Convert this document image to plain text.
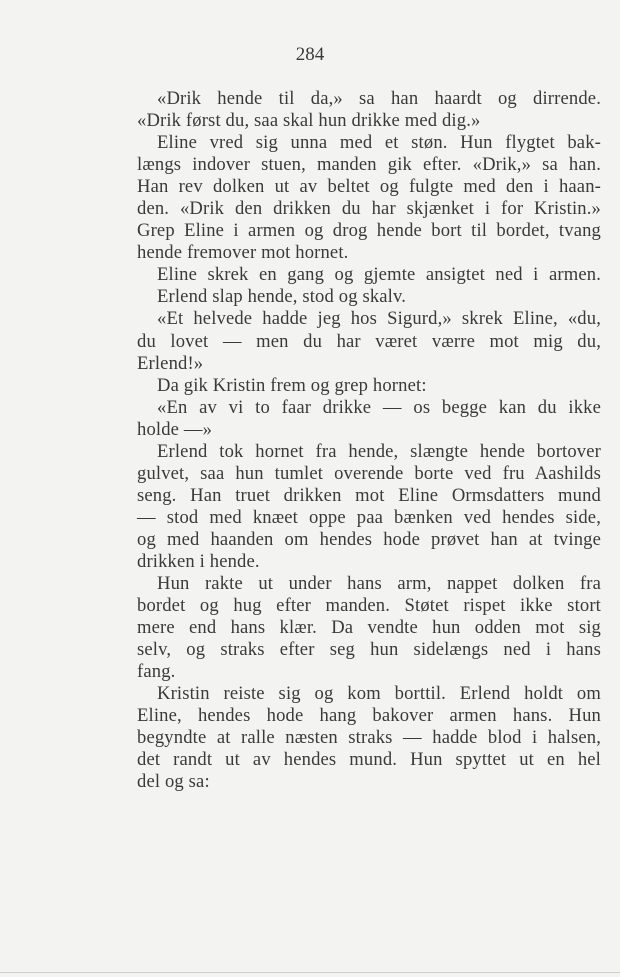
284
«Drik hende til da,» sa han haardt og dirrende.
«Drik først du, saa skal hun drikke med dig.»
Eline vred sig unna med et støn. Hun flygtet bak-
længs indover stuen, manden gik efter. «Drik,» sa han.
Han rev dolken ut av beltet og fulgte med den i haan-
den. «Drik den drikken du har skjænket i for Kristin.»
Grep Eline i armen og drog hende bort til bordet, tvang
hende fremover mot hornet.
Eline skrek en gang og gjemte ansigtet ned i armen.
Erlend slap hende, stod og skalv.
«Et helvede hadde jeg hos Sigurd,» skrek Eline, «du,
du lovet — men du har været værre mot mig du,
Erlend!»
Da gik Kristin frem og grep hornet:
«En av vi to faar drikke — os begge kan du ikke
holde —»
Erlend tok hornet fra hende, slængte hende bortover
gulvet, saa hun tumlet overende borte ved fru Aashilds
seng. Han truet drikken mot Eline Ormsdatters mund
— stod med knæet oppe paa bænken ved hendes side,
og med haanden om hendes hode prøvet han at tvinge
drikken i hende.
Hun rakte ut under hans arm, nappet dolken fra
bordet og hug efter manden. Støtet rispet ikke stort
mere end hans klær. Da vendte hun odden mot sig
selv, og straks efter seg hun sidelængs ned i hans
fang.
Kristin reiste sig og kom borttil. Erlend holdt om
Eline, hendes hode hang bakover armen hans. Hun
begyndte at ralle næsten straks — hadde blod i halsen,
det randt ut av hendes mund. Hun spyttet ut en hel
del og sa:
